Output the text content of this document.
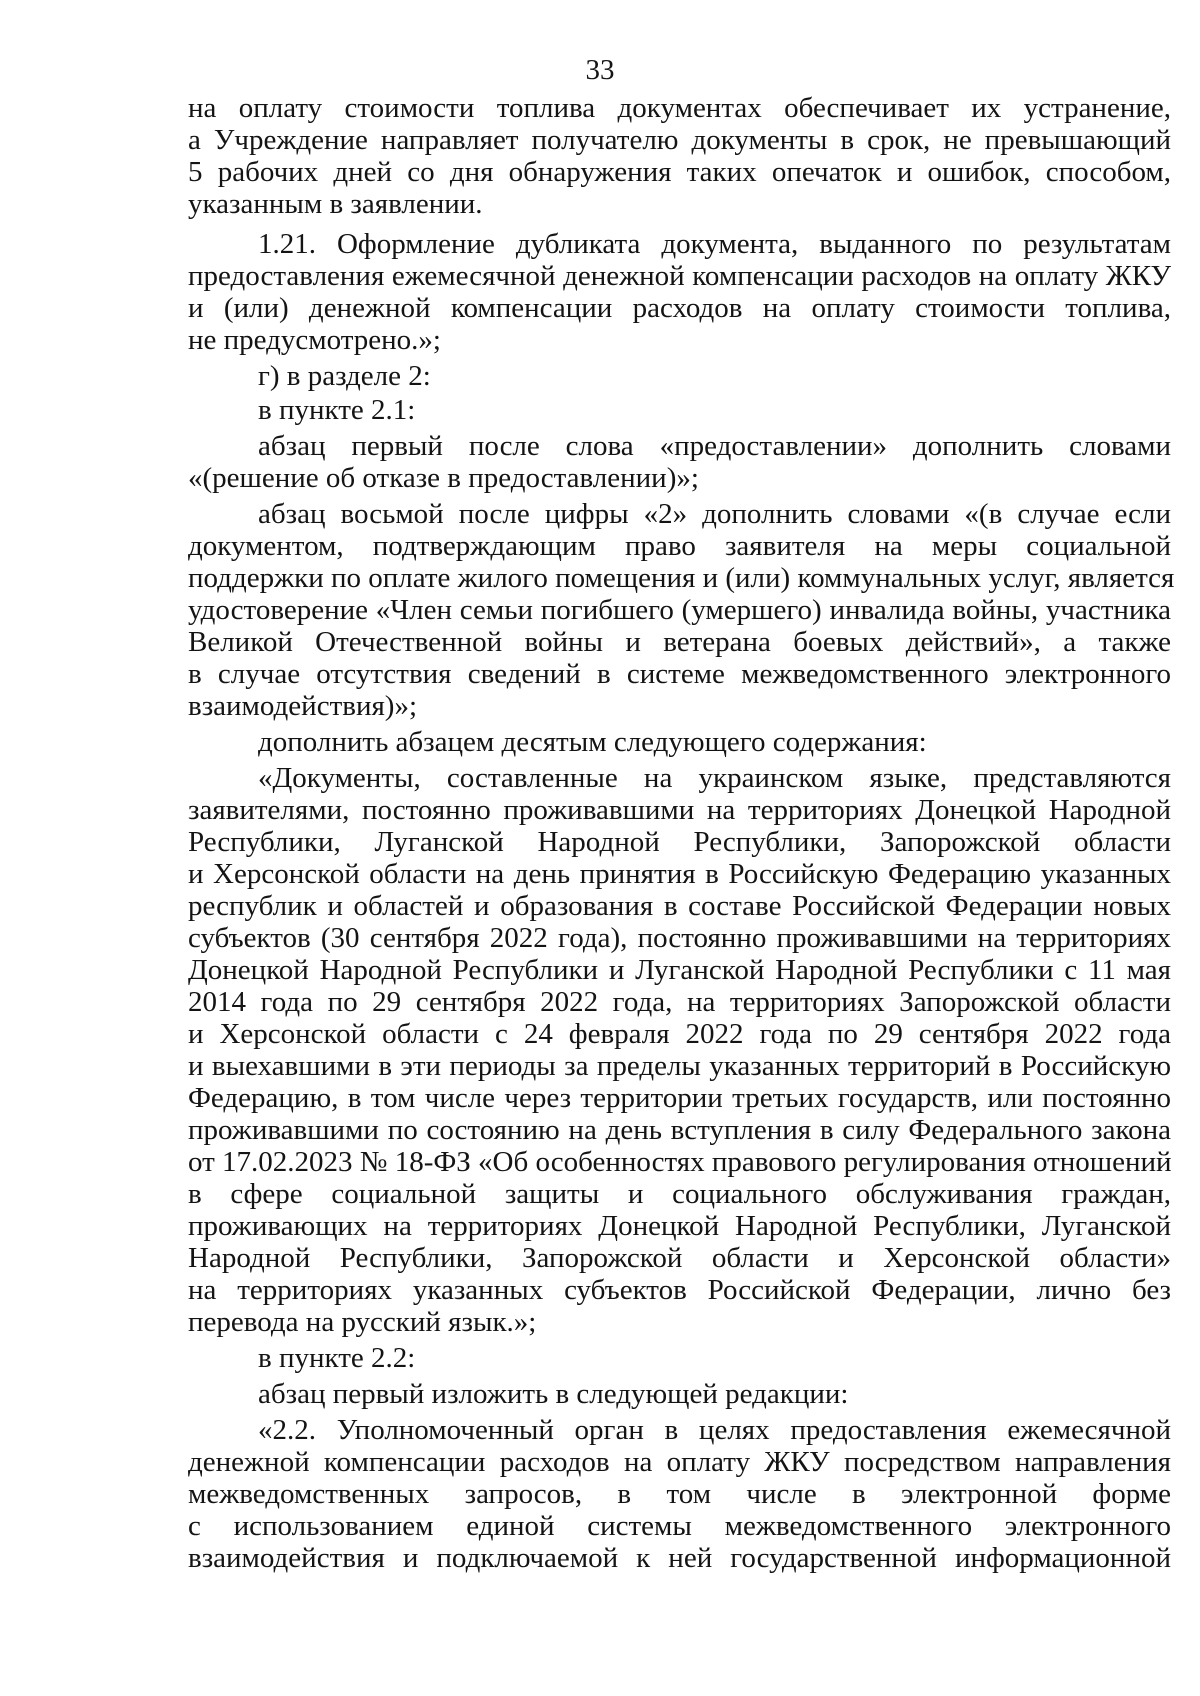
33
на оплату стоимости топлива документах обеспечивает их устранение,
а Учреждение направляет получателю документы в срок, не превышающий
5 рабочих дней со дня обнаружения таких опечаток и ошибок, способом,
указанным в заявлении.
1.21. Оформление дубликата документа, выданного по результатам
предоставления ежемесячной денежной компенсации расходов на оплату ЖКУ
и (или) денежной компенсации расходов на оплату стоимости топлива,
не предусмотрено.»;
г) в разделе 2:
в пункте 2.1:
абзац первый после слова «предоставлении» дополнить словами
«(решение об отказе в предоставлении)»;
абзац восьмой после цифры «2» дополнить словами «(в случае если
документом, подтверждающим право заявителя на меры социальной
поддержки по оплате жилого помещения и (или) коммунальных услуг, является
удостоверение «Член семьи погибшего (умершего) инвалида войны, участника
Великой Отечественной войны и ветерана боевых действий», а также
в случае отсутствия сведений в системе межведомственного электронного
взаимодействия)»;
дополнить абзацем десятым следующего содержания:
«Документы, составленные на украинском языке, представляются
заявителями, постоянно проживавшими на территориях Донецкой Народной
Республики, Луганской Народной Республики, Запорожской области
и Херсонской области на день принятия в Российскую Федерацию указанных
республик и областей и образования в составе Российской Федерации новых
субъектов (30 сентября 2022 года), постоянно проживавшими на территориях
Донецкой Народной Республики и Луганской Народной Республики с 11 мая
2014 года по 29 сентября 2022 года, на территориях Запорожской области
и Херсонской области с 24 февраля 2022 года по 29 сентября 2022 года
и выехавшими в эти периоды за пределы указанных территорий в Российскую
Федерацию, в том числе через территории третьих государств, или постоянно
проживавшими по состоянию на день вступления в силу Федерального закона
от 17.02.2023 № 18-ФЗ «Об особенностях правового регулирования отношений
в сфере социальной защиты и социального обслуживания граждан,
проживающих на территориях Донецкой Народной Республики, Луганской
Народной Республики, Запорожской области и Херсонской области»
на территориях указанных субъектов Российской Федерации, лично без
перевода на русский язык.»;
в пункте 2.2:
абзац первый изложить в следующей редакции:
«2.2. Уполномоченный орган в целях предоставления ежемесячной
денежной компенсации расходов на оплату ЖКУ посредством направления
межведомственных запросов, в том числе в электронной форме
с использованием единой системы межведомственного электронного
взаимодействия и подключаемой к ней государственной информационной
